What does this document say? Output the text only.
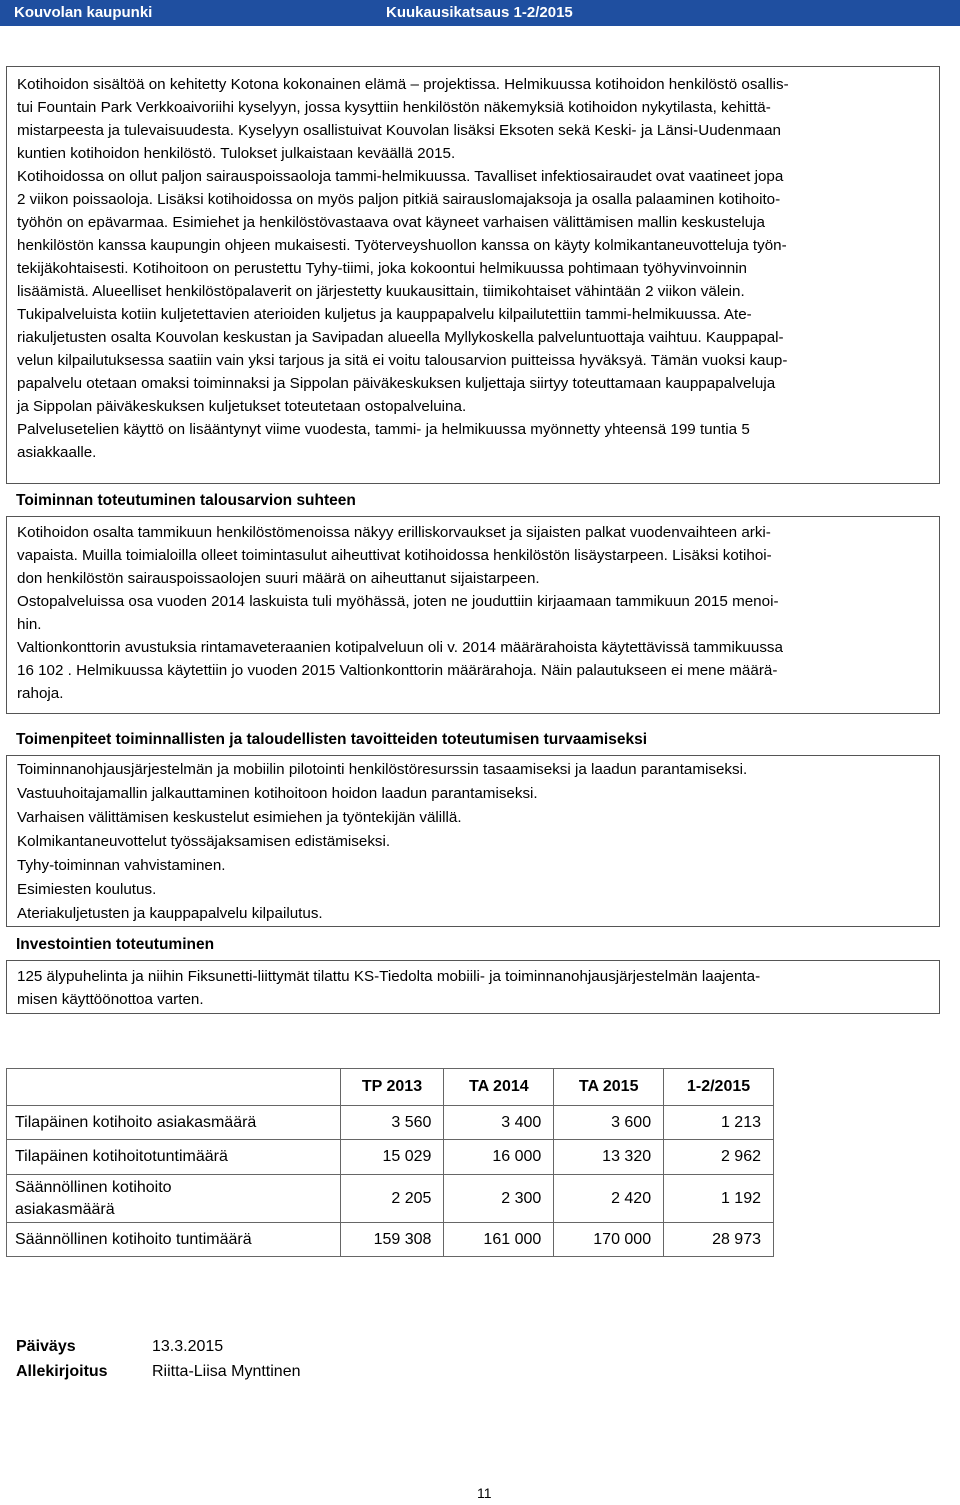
Kouvolan kaupunki	Kuukausikatsaus 1-2/2015

Kotihoidon sisältöä on kehitetty Kotona kokonainen elämä – projektissa. Helmikuussa kotihoidon henkilöstö osallis-
tui Fountain Park Verkkoaivoriihi kyselyyn, jossa kysyttiin henkilöstön näkemyksiä kotihoidon nykytilasta, kehittä-
mistarpeesta ja tulevaisuudesta. Kyselyyn osallistuivat Kouvolan lisäksi Eksoten sekä Keski- ja Länsi-Uudenmaan
kuntien kotihoidon henkilöstö. Tulokset julkaistaan keväällä 2015.
Kotihoidossa on ollut paljon sairauspoissaoloja tammi-helmikuussa. Tavalliset infektiosairaudet ovat vaatineet jopa
2 viikon poissaoloja. Lisäksi kotihoidossa on myös paljon pitkiä sairauslomajaksoja ja osalla palaaminen kotihoito-
työhön on epävarmaa. Esimiehet ja henkilöstövastaava ovat käyneet varhaisen välittämisen mallin keskusteluja
henkilöstön kanssa kaupungin ohjeen mukaisesti. Työterveyshuollon kanssa on käyty kolmikantaneuvotteluja työn-
tekijäkohtaisesti. Kotihoitoon on perustettu Tyhy-tiimi, joka kokoontui helmikuussa pohtimaan työhyvinvoinnin
lisäämistä. Alueelliset henkilöstöpalaverit on järjestetty kuukausittain, tiimikohtaiset vähintään 2 viikon välein.
Tukipalveluista kotiin kuljetettavien aterioiden kuljetus ja kauppapalvelu kilpailutettiin tammi-helmikuussa. Ate-
riakuljetusten osalta Kouvolan keskustan ja Savipadan alueella Myllykoskella palveluntuottaja vaihtuu. Kauppapal-
velun kilpailutuksessa saatiin vain yksi tarjous ja sitä ei voitu talousarvion puitteissa hyväksyä. Tämän vuoksi kaup-
papalvelu otetaan omaksi toiminnaksi ja Sippolan päiväkeskuksen kuljettaja siirtyy toteuttamaan kauppapalveluja
ja Sippolan päiväkeskuksen kuljetukset toteutetaan ostopalveluina.
Palvelusetelien käyttö on lisääntynyt viime vuodesta, tammi- ja helmikuussa myönnetty yhteensä 199 tuntia 5
asiakkaalle.

Toiminnan toteutuminen talousarvion suhteen

Kotihoidon osalta tammikuun henkilöstömenoissa näkyy erilliskorvaukset ja sijaisten palkat vuodenvaihteen arki-
vapaista. Muilla toimialoilla olleet toimintasulut aiheuttivat kotihoidossa henkilöstön lisäystarpeen. Lisäksi kotihoi-
don henkilöstön sairauspoissaolojen suuri määrä on aiheuttanut sijaistarpeen.
Ostopalveluissa osa vuoden 2014 laskuista tuli myöhässä, joten ne jouduttiin kirjaamaan tammikuun 2015 menoi-
hin.
Valtionkonttorin avustuksia rintamaveteraanien kotipalveluun oli v. 2014 määrärahoista käytettävissä tammikuussa
16 102 . Helmikuussa käytettiin jo vuoden 2015 Valtionkonttorin määrärahoja. Näin palautukseen ei mene määrä-
rahoja.

Toimenpiteet toiminnallisten ja taloudellisten tavoitteiden toteutumisen turvaamiseksi

Toiminnanohjausjärjestelmän ja mobiilin pilotointi henkilöstöresurssin tasaamiseksi ja laadun parantamiseksi.
Vastuuhoitajamallin jalkauttaminen kotihoitoon hoidon laadun parantamiseksi.
Varhaisen välittämisen keskustelut esimiehen ja työntekijän välillä.
Kolmikantaneuvottelut työssäjaksamisen edistämiseksi.
Tyhy-toiminnan vahvistaminen.
Esimiesten koulutus.
Ateriakuljetusten ja kauppapalvelu kilpailutus.

Investointien toteutuminen

125 älypuhelinta ja niihin Fiksunetti-liittymät tilattu KS-Tiedolta mobiili- ja toiminnanohjausjärjestelmän laajenta-
misen käyttöönottoa varten.

	TP 2013	TA 2014	TA 2015	1-2/2015
Tilapäinen kotihoito asiakasmäärä	3 560	3 400	3 600	1 213
Tilapäinen kotihoitotuntimäärä	15 029	16 000	13 320	2 962
Säännöllinen kotihoito
asiakasmäärä	2 205	2 300	2 420	1 192
Säännöllinen kotihoito tuntimäärä	159 308	161 000	170 000	28 973
Päiväys	13.3.2015
Allekirjoitus	Riitta-Liisa Mynttinen
11
